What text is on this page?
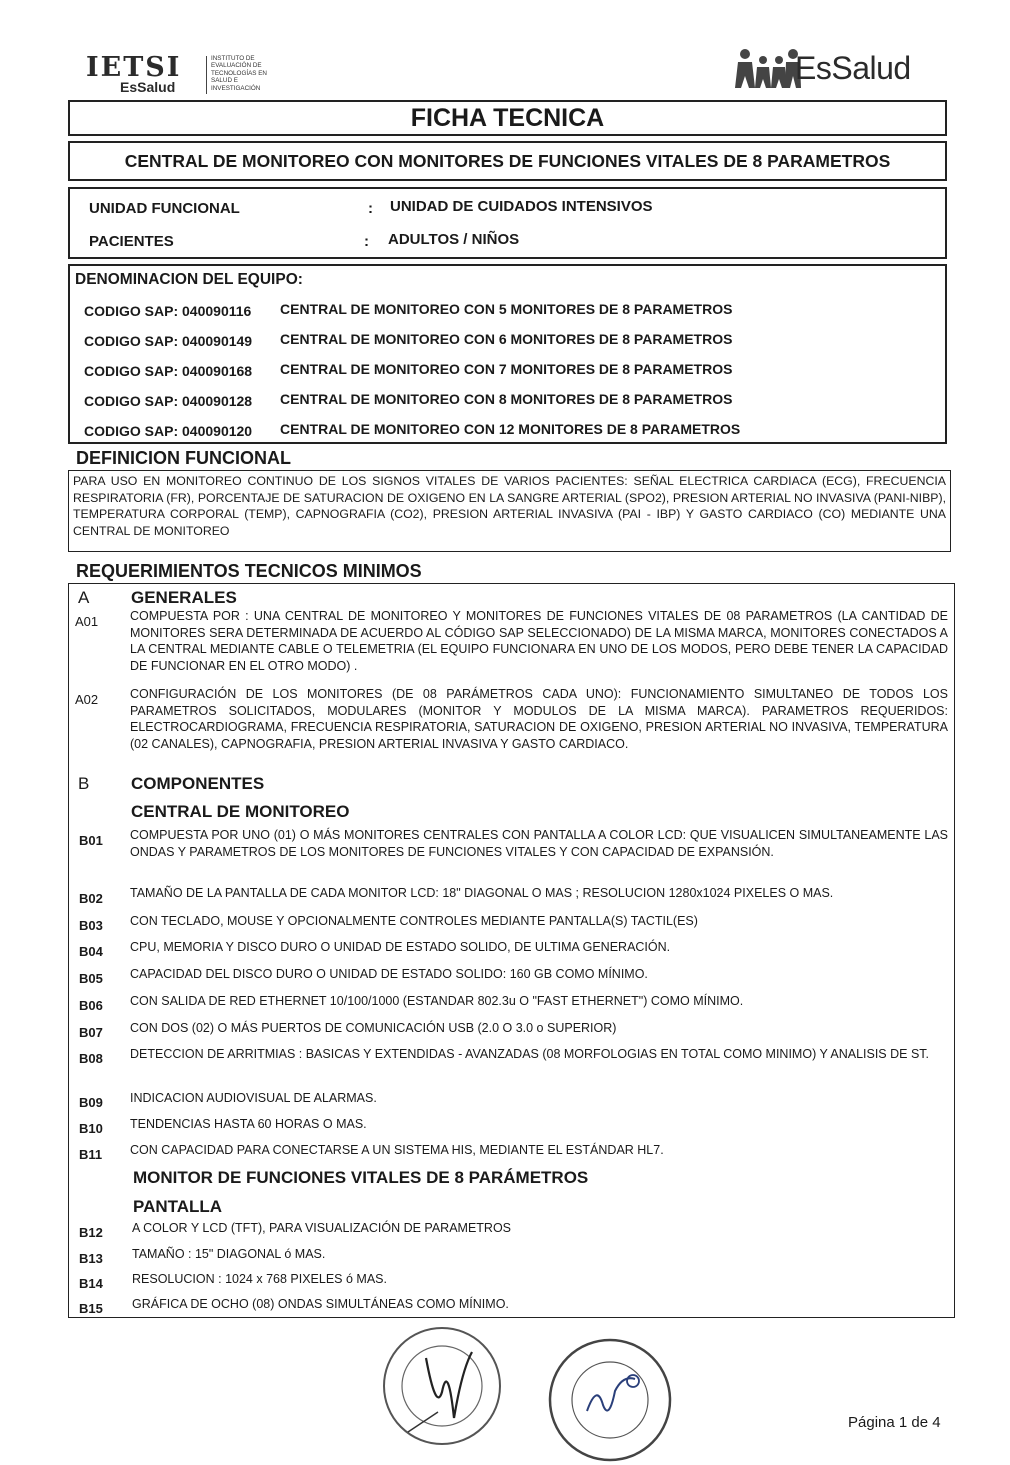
IETSI
EsSalud
INSTITUTO DE
EVALUACIÓN DE
TECNOLOGÍAS EN
SALUD E
INVESTIGACIÓN
EsSalud
FICHA TECNICA
CENTRAL DE MONITOREO CON MONITORES DE FUNCIONES VITALES DE 8 PARAMETROS
UNIDAD FUNCIONAL	: UNIDAD DE CUIDADOS INTENSIVOS
PACIENTES	: ADULTOS / NIÑOS
DENOMINACION DEL EQUIPO:
CODIGO SAP: 040090116 CENTRAL DE MONITOREO CON 5 MONITORES DE 8 PARAMETROS
CODIGO SAP: 040090149 CENTRAL DE MONITOREO CON 6 MONITORES DE 8 PARAMETROS
CODIGO SAP: 040090168 CENTRAL DE MONITOREO CON 7 MONITORES DE 8 PARAMETROS
CODIGO SAP: 040090128 CENTRAL DE MONITOREO CON 8 MONITORES DE 8 PARAMETROS
CODIGO SAP: 040090120 CENTRAL DE MONITOREO CON 12 MONITORES DE 8 PARAMETROS
DEFINICION FUNCIONAL
PARA USO EN MONITOREO CONTINUO DE LOS SIGNOS VITALES DE VARIOS PACIENTES: SEÑAL ELECTRICA CARDIACA (ECG), FRECUENCIA RESPIRATORIA (FR), PORCENTAJE DE SATURACION DE OXIGENO EN LA SANGRE ARTERIAL (SPO2), PRESION ARTERIAL NO INVASIVA (PANI-NIBP), TEMPERATURA CORPORAL (TEMP), CAPNOGRAFIA (CO2), PRESION ARTERIAL INVASIVA (PAI - IBP) Y GASTO CARDIACO (CO) MEDIANTE UNA CENTRAL DE MONITOREO
REQUERIMIENTOS TECNICOS MINIMOS
A GENERALES
A01	COMPUESTA POR : UNA CENTRAL DE MONITOREO Y MONITORES DE FUNCIONES VITALES DE 08 PARAMETROS (LA CANTIDAD DE MONITORES SERA DETERMINADA DE ACUERDO AL CÓDIGO SAP SELECCIONADO) DE LA MISMA MARCA, MONITORES CONECTADOS A LA CENTRAL MEDIANTE CABLE O TELEMETRIA (EL EQUIPO FUNCIONARA EN UNO DE LOS MODOS, PERO DEBE TENER LA CAPACIDAD DE FUNCIONAR EN EL OTRO MODO) .
A02	CONFIGURACIÓN DE LOS MONITORES (DE 08 PARÁMETROS CADA UNO): FUNCIONAMIENTO SIMULTANEO DE TODOS LOS PARAMETROS SOLICITADOS, MODULARES (MONITOR Y MODULOS DE LA MISMA MARCA). PARAMETROS REQUERIDOS: ELECTROCARDIOGRAMA, FRECUENCIA RESPIRATORIA, SATURACION DE OXIGENO, PRESION ARTERIAL NO INVASIVA, TEMPERATURA (02 CANALES), CAPNOGRAFIA, PRESION ARTERIAL INVASIVA Y GASTO CARDIACO.
B COMPONENTES
CENTRAL DE MONITOREO
B01 COMPUESTA POR UNO (01) O MÁS MONITORES CENTRALES CON PANTALLA A COLOR LCD: QUE VISUALICEN SIMULTANEAMENTE LAS ONDAS Y PARAMETROS DE LOS MONITORES DE FUNCIONES VITALES Y CON CAPACIDAD DE EXPANSIÓN.
B02 TAMAÑO DE LA PANTALLA DE CADA MONITOR LCD: 18" DIAGONAL O MAS ; RESOLUCION 1280x1024 PIXELES O MAS.
B03 CON TECLADO, MOUSE Y OPCIONALMENTE CONTROLES MEDIANTE PANTALLA(S) TACTIL(ES)
B04 CPU, MEMORIA Y DISCO DURO O UNIDAD DE ESTADO SOLIDO, DE ULTIMA GENERACIÓN.
B05 CAPACIDAD DEL DISCO DURO O UNIDAD DE ESTADO SOLIDO: 160 GB COMO MÍNIMO.
B06 CON SALIDA DE RED ETHERNET 10/100/1000 (ESTANDAR 802.3u O "FAST ETHERNET") COMO MÍNIMO.
B07 CON DOS (02) O MÁS PUERTOS DE COMUNICACIÓN USB (2.0 O 3.0 o SUPERIOR)
B08 DETECCION DE ARRITMIAS : BASICAS Y EXTENDIDAS - AVANZADAS (08 MORFOLOGIAS EN TOTAL COMO MINIMO) Y ANALISIS DE ST.
B09 INDICACION AUDIOVISUAL DE ALARMAS.
B10 TENDENCIAS HASTA 60 HORAS O MAS.
B11 CON CAPACIDAD PARA CONECTARSE A UN SISTEMA HIS, MEDIANTE EL ESTÁNDAR HL7.
MONITOR DE FUNCIONES VITALES DE 8 PARÁMETROS
PANTALLA
B12 A COLOR Y LCD (TFT), PARA VISUALIZACIÓN DE PARAMETROS
B13 TAMAÑO : 15" DIAGONAL ó MAS.
B14 RESOLUCION : 1024 x 768 PIXELES ó MAS.
B15 GRÁFICA DE OCHO (08) ONDAS SIMULTÁNEAS COMO MÍNIMO.
Página 1 de 4
